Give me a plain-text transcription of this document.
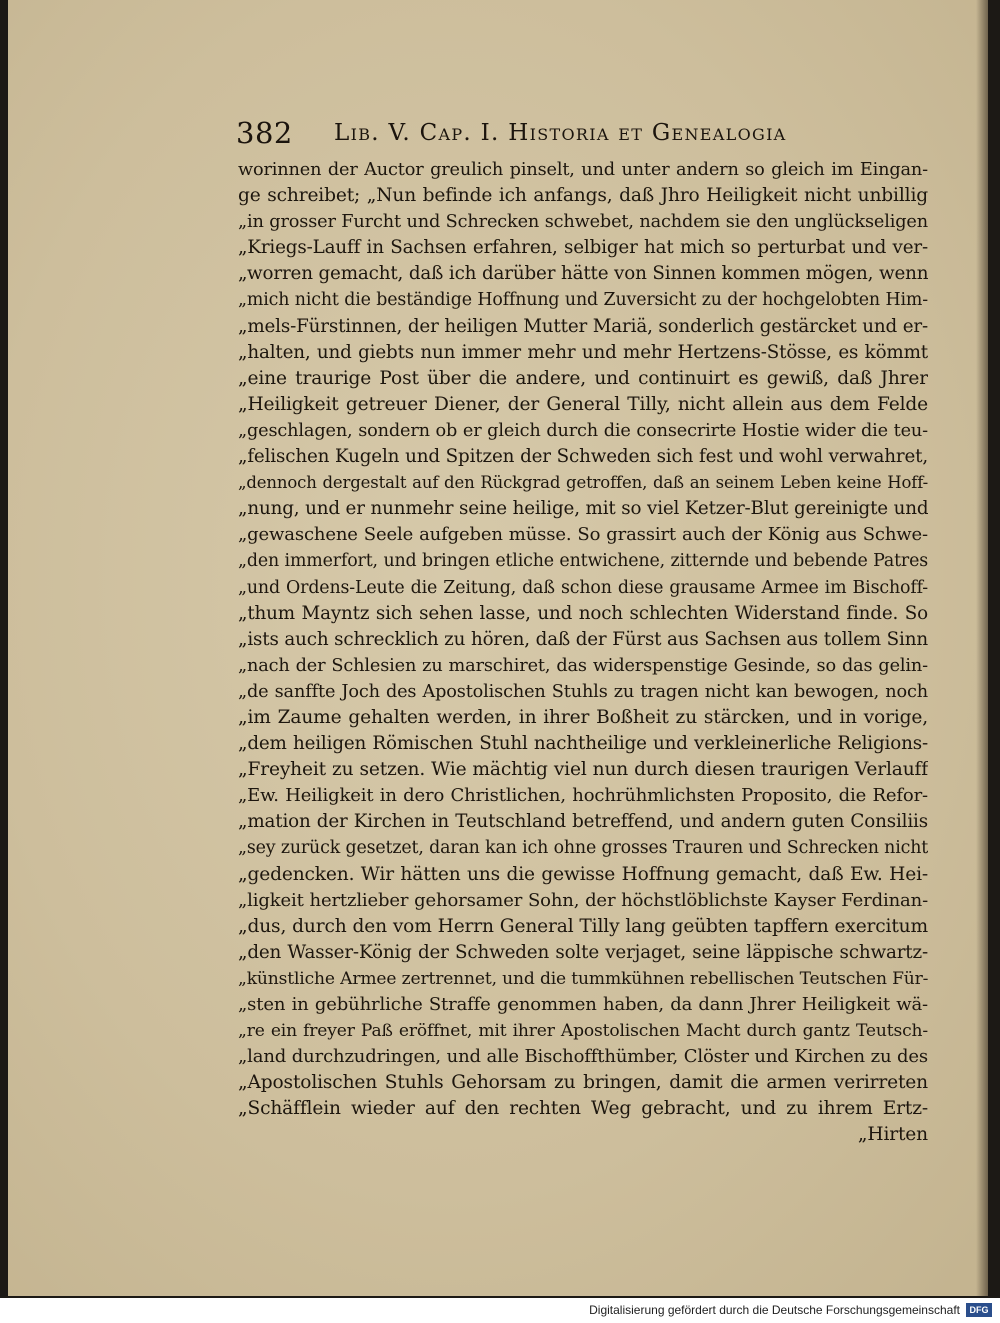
382 Lib. V. Cap. I. Historia et Genealogia
worinnen der Auctor greulich pinselt, und unter andern so gleich im Eingan-
ge schreibet; „Nun befinde ich anfangs, daß Jhro Heiligkeit nicht unbillig
„in grosser Furcht und Schrecken schwebet, nachdem sie den unglückseligen
„Kriegs-Lauff in Sachsen erfahren, selbiger hat mich so perturbat und ver-
„worren gemacht, daß ich darüber hätte von Sinnen kommen mögen, wenn
„mich nicht die beständige Hoffnung und Zuversicht zu der hochgelobten Him-
„mels-Fürstinnen, der heiligen Mutter Mariä, sonderlich gestärcket und er-
„halten, und giebts nun immer mehr und mehr Hertzens-Stösse, es kömmt
„eine traurige Post über die andere, und continuirt es gewiß, daß Jhrer
„Heiligkeit getreuer Diener, der General Tilly, nicht allein aus dem Felde
„geschlagen, sondern ob er gleich durch die consecrirte Hostie wider die teu-
„felischen Kugeln und Spitzen der Schweden sich fest und wohl verwahret,
„dennoch dergestalt auf den Rückgrad getroffen, daß an seinem Leben keine Hoff-
„nung, und er nunmehr seine heilige, mit so viel Ketzer-Blut gereinigte und
„gewaschene Seele aufgeben müsse. So grassirt auch der König aus Schwe-
„den immerfort, und bringen etliche entwichene, zitternde und bebende Patres
„und Ordens-Leute die Zeitung, daß schon diese grausame Armee im Bischoff-
„thum Mayntz sich sehen lasse, und noch schlechten Widerstand finde. So
„ists auch schrecklich zu hören, daß der Fürst aus Sachsen aus tollem Sinn
„nach der Schlesien zu marschiret, das widerspenstige Gesinde, so das gelin-
„de sanffte Joch des Apostolischen Stuhls zu tragen nicht kan bewogen, noch
„im Zaume gehalten werden, in ihrer Boßheit zu stärcken, und in vorige,
„dem heiligen Römischen Stuhl nachtheilige und verkleinerliche Religions-
„Freyheit zu setzen. Wie mächtig viel nun durch diesen traurigen Verlauff
„Ew. Heiligkeit in dero Christlichen, hochrühmlichsten Proposito, die Refor-
„mation der Kirchen in Teutschland betreffend, und andern guten Consiliis
„sey zurück gesetzet, daran kan ich ohne grosses Trauren und Schrecken nicht
„gedencken. Wir hätten uns die gewisse Hoffnung gemacht, daß Ew. Hei-
„ligkeit hertzlieber gehorsamer Sohn, der höchstlöblichste Kayser Ferdinan-
„dus, durch den vom Herrn General Tilly lang geübten tapffern exercitum
„den Wasser-König der Schweden solte verjaget, seine läppische schwartz-
„künstliche Armee zertrennet, und die tummkühnen rebellischen Teutschen Für-
„sten in gebührliche Straffe genommen haben, da dann Jhrer Heiligkeit wä-
„re ein freyer Paß eröffnet, mit ihrer Apostolischen Macht durch gantz Teutsch-
„land durchzudringen, und alle Bischoffthümber, Clöster und Kirchen zu des
„Apostolischen Stuhls Gehorsam zu bringen, damit die armen verirreten
„Schäfflein wieder auf den rechten Weg gebracht, und zu ihrem Ertz-
„Hirten
Digitalisierung gefördert durch die Deutsche Forschungsgemeinschaft	DFG
